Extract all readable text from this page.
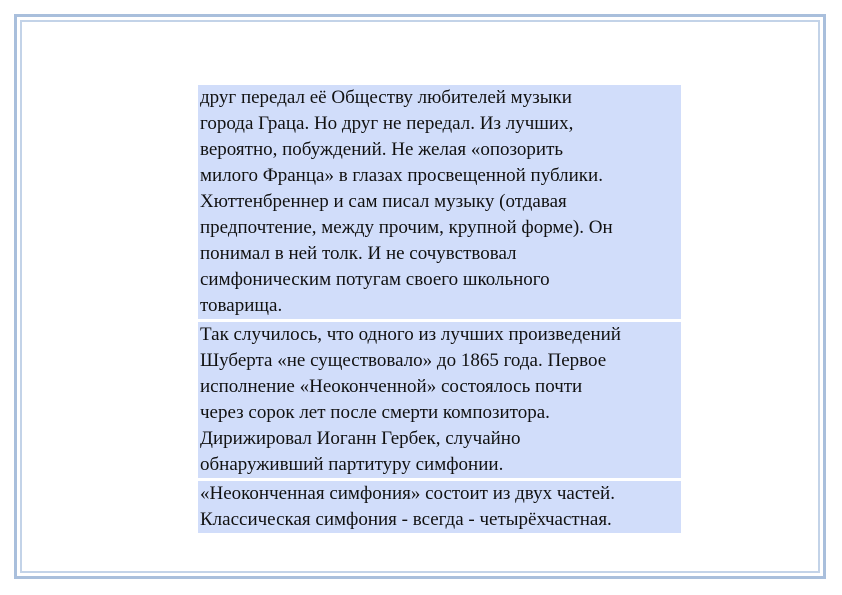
друг передал её Обществу любителей музыки
города Граца. Но друг не передал. Из лучших,
вероятно, побуждений. Не желая «опозорить
милого Франца» в глазах просвещенной публики.
Хюттенбреннер и сам писал музыку (отдавая
предпочтение, между прочим, крупной форме). Он
понимал в ней толк. И не сочувствовал
симфоническим потугам своего школьного
товарища.

Так случилось, что одного из лучших произведений
Шуберта «не существовало» до 1865 года. Первое
исполнение «Неоконченной» состоялось почти
через сорок лет после смерти композитора.
Дирижировал Иоганн Гербек, случайно
обнаруживший партитуру симфонии.

«Неоконченная симфония» состоит из двух частей.
Классическая симфония - всегда - четырёхчастная.
